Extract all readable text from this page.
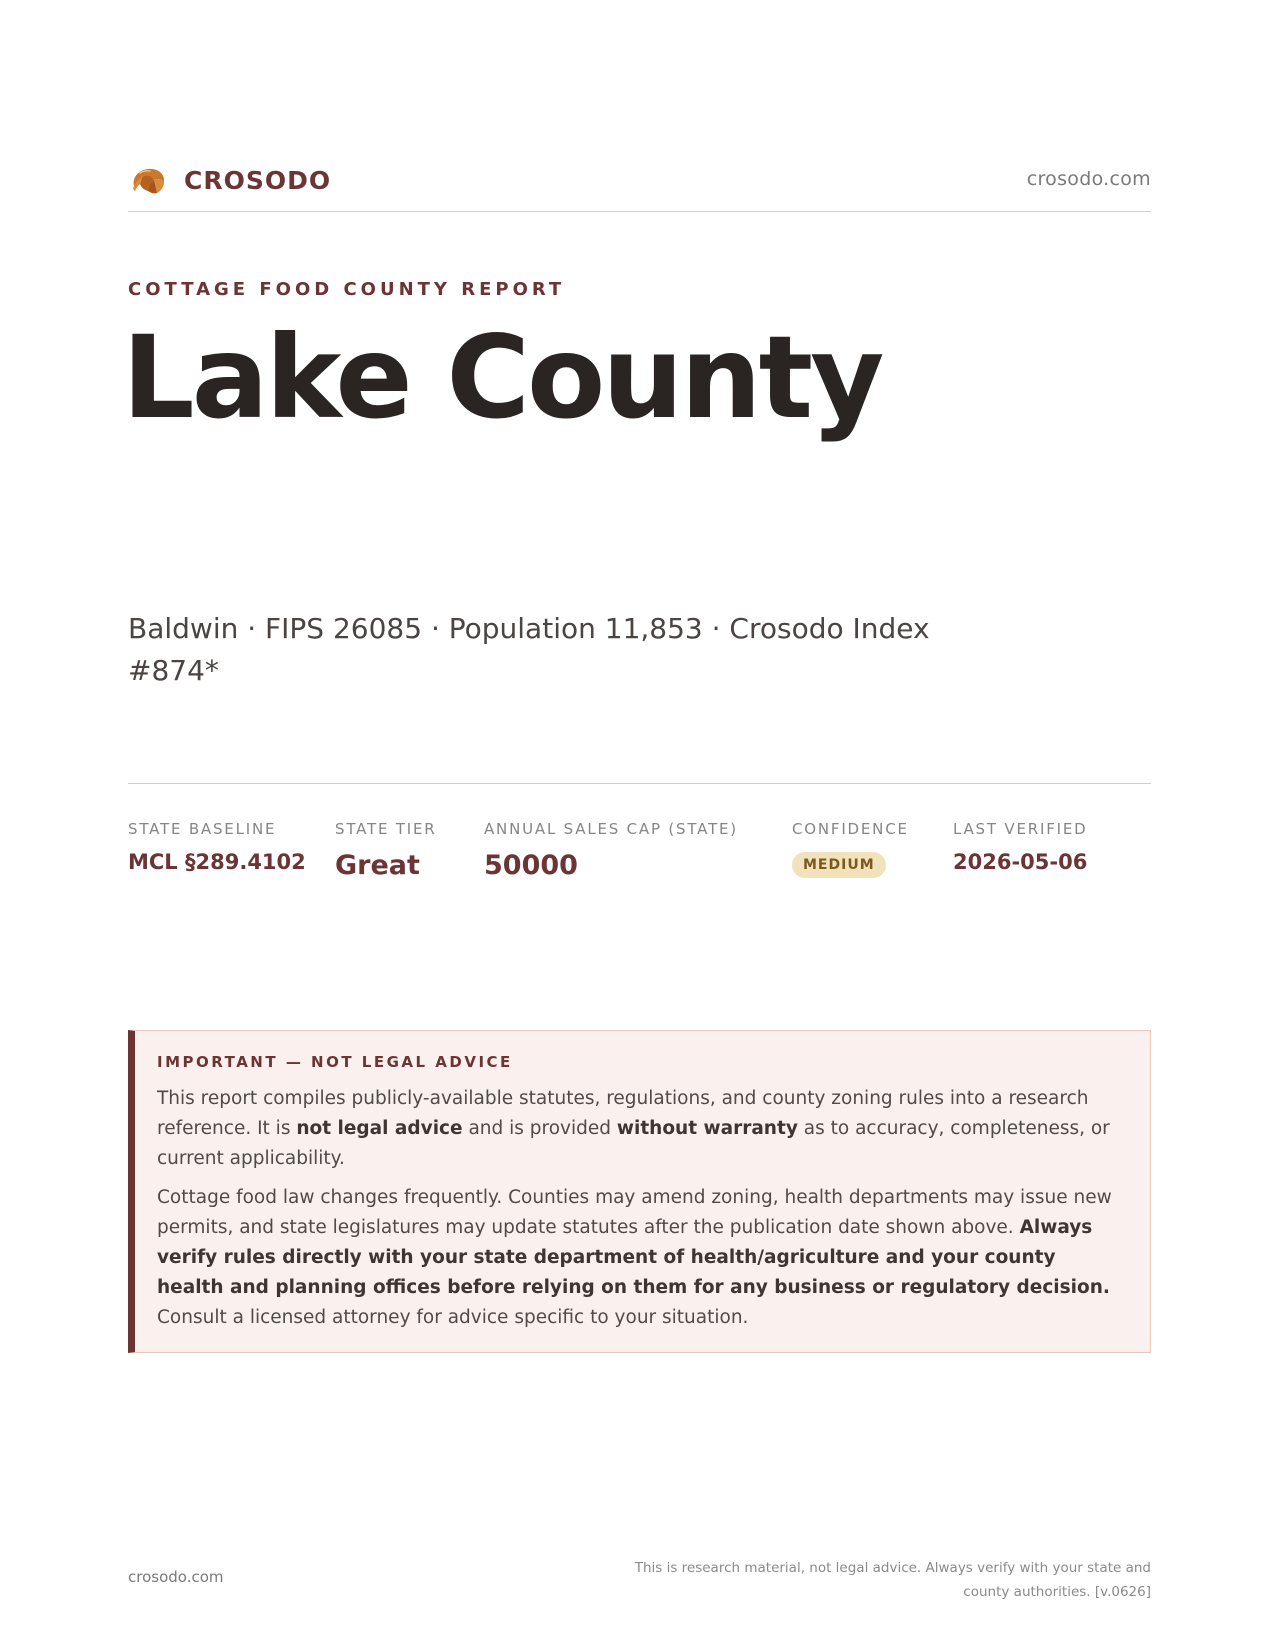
CROSODO	crosodo.com
COTTAGE FOOD COUNTY REPORT
Lake County
Baldwin · FIPS 26085 · Population 11,853 · Crosodo Index #874*
STATE BASELINE
MCL §289.4102
STATE TIER
Great
ANNUAL SALES CAP (STATE)
50000
CONFIDENCE
MEDIUM
LAST VERIFIED
2026-05-06
IMPORTANT — NOT LEGAL ADVICE

This report compiles publicly-available statutes, regulations, and county zoning rules into a research reference. It is not legal advice and is provided without warranty as to accuracy, completeness, or current applicability.

Cottage food law changes frequently. Counties may amend zoning, health departments may issue new permits, and state legislatures may update statutes after the publication date shown above. Always verify rules directly with your state department of health/agriculture and your county health and planning offices before relying on them for any business or regulatory decision. Consult a licensed attorney for advice specific to your situation.

crosodo.com	This is research material, not legal advice. Always verify with your state and county authorities. [v.0626]
